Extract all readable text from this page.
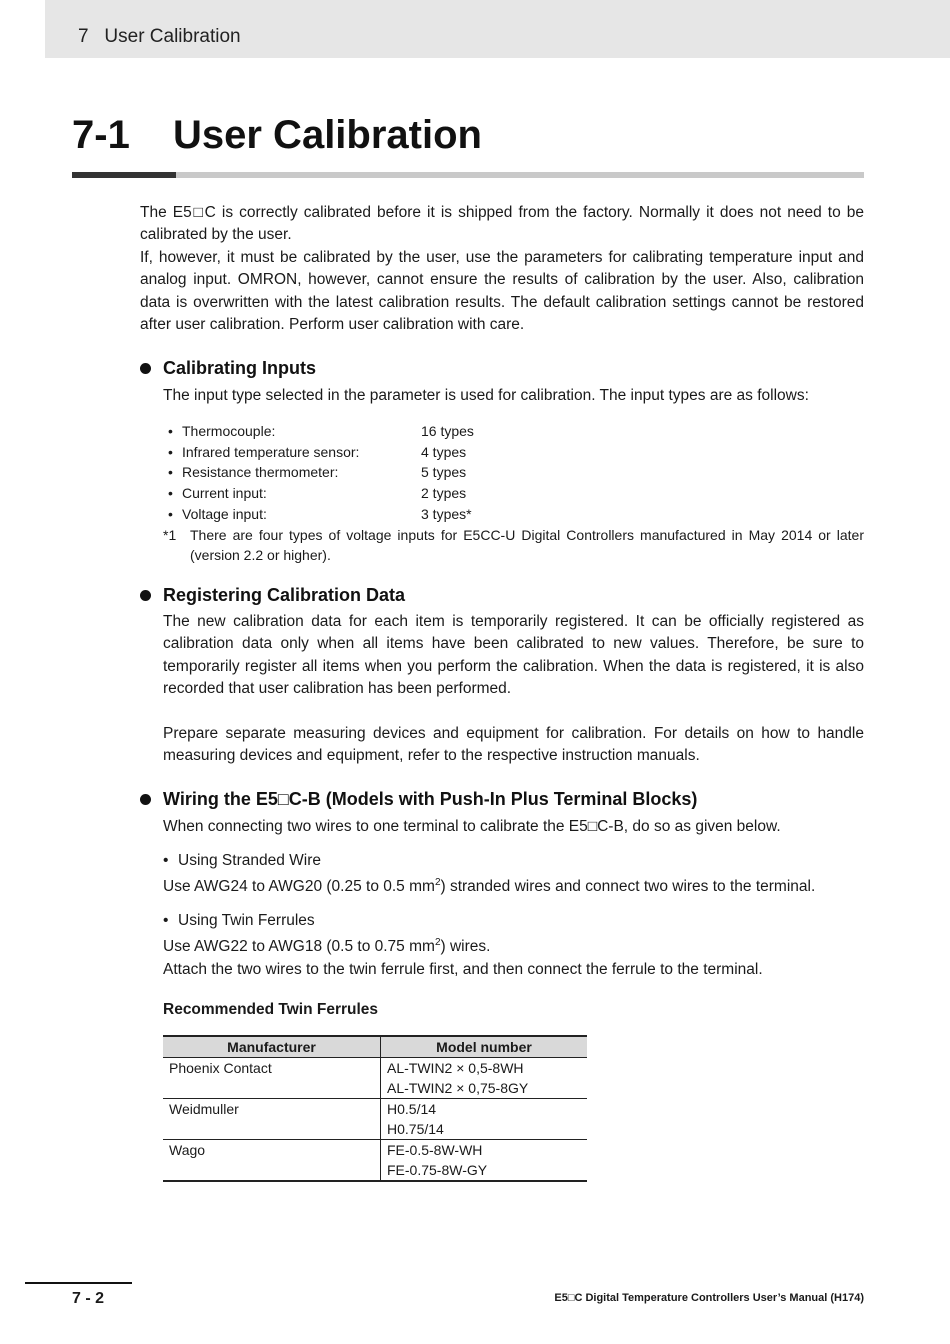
7   User Calibration
7-1 User Calibration

The E5□C is correctly calibrated before it is shipped from the factory. Normally it does not need to be calibrated by the user.

If, however, it must be calibrated by the user, use the parameters for calibrating temperature input and analog input. OMRON, however, cannot ensure the results of calibration by the user. Also, calibration data is overwritten with the latest calibration results. The default calibration settings cannot be restored after user calibration. Perform user calibration with care.

Calibrating Inputs
The input type selected in the parameter is used for calibration. The input types are as follows:
• Thermocouple:	16 types
• Infrared temperature sensor:	4 types
• Resistance thermometer:	5 types
• Current input:	2 types
• Voltage input:	3 types*
*1 There are four types of voltage inputs for E5CC-U Digital Controllers manufactured in May 2014 or later (version 2.2 or higher).
Registering Calibration Data
The new calibration data for each item is temporarily registered. It can be officially registered as calibration data only when all items have been calibrated to new values. Therefore, be sure to temporarily register all items when you perform the calibration. When the data is registered, it is also recorded that user calibration has been performed.
Prepare separate measuring devices and equipment for calibration. For details on how to handle measuring devices and equipment, refer to the respective instruction manuals.
Wiring the E5□C-B (Models with Push-In Plus Terminal Blocks)
When connecting two wires to one terminal to calibrate the E5□C-B, do so as given below.
• Using Stranded Wire
Use AWG24 to AWG20 (0.25 to 0.5 $mm^2$) stranded wires and connect two wires to the terminal.
• Using Twin Ferrules
Use AWG22 to AWG18 (0.5 to 0.75 $mm^2$) wires.
Attach the two wires to the twin ferrule first, and then connect the ferrule to the terminal.
Recommended Twin Ferrules
Manufacturer	Model number
Phoenix Contact	AL-TWIN2 × 0,5-8WH
AL-TWIN2 × 0,75-8GY

Weidmuller	H0.5/14
H0.75/14

Wago	FE-0.5-8W-WH
FE-0.75-8W-GY
7 - 2	E5□C Digital Temperature Controllers User’s Manual (H174)
